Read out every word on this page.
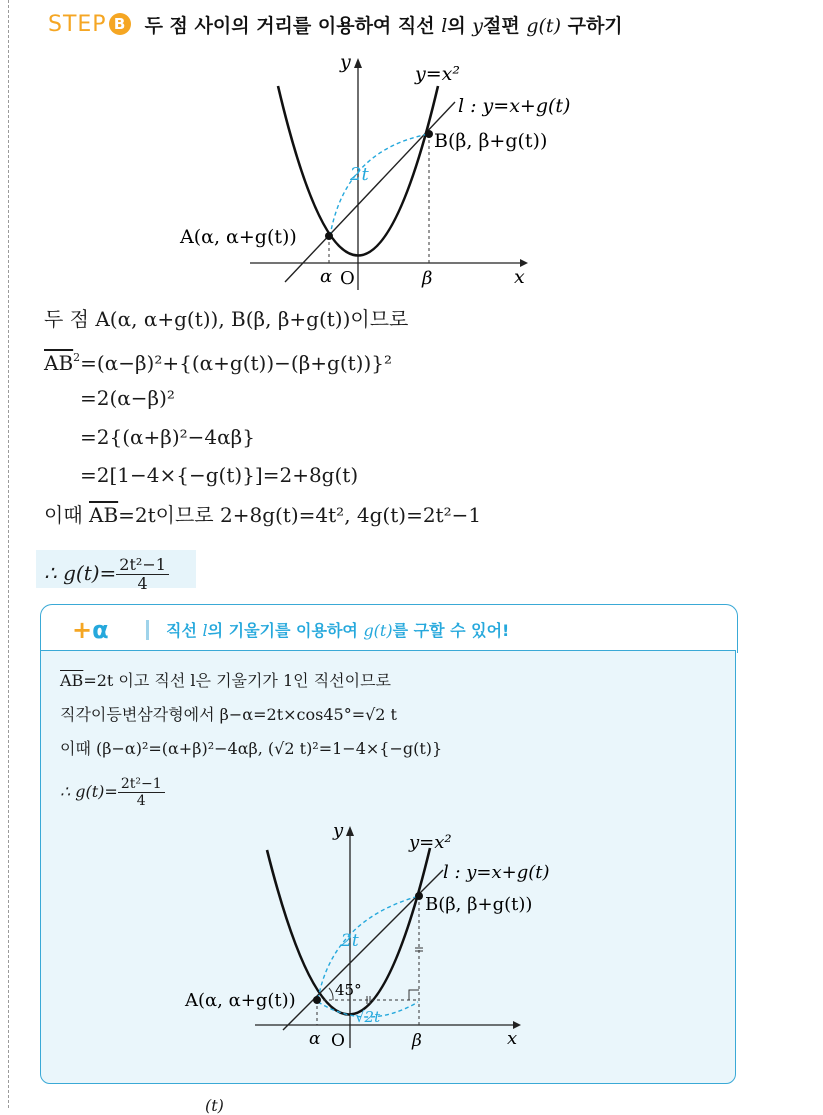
STEP B 두 점 사이의 거리를 이용하여 직선 l의 y절편 g(t) 구하기
y
x
y=x²
l : y=x+g(t)
B(β, β+g(t))
A(α, α+g(t))
2t
α O	β
두 점 A(α, α+g(t)), B(β, β+g(t))이므로
$\overline{AB}^2=(\alpha-\beta)^2+\{(\alpha+g(t))-(\beta+g(t))\}^2$
=2(α−β)²
=2{(α+β)²−4αβ}
=2[1−4×{−g(t)}]=2+8g(t)
이때 $\overline{AB}=2t$이므로 2+8g(t)=4t², 4g(t)=2t²−1
∴ $g(t)= \frac{\text{2t²−1}}{4}$
+α	직선 l의 기울기를 이용하여 g(t)를 구할 수 있어!
$\overline{AB}=2t$ 이고 직선 l은 기울기가 1인 직선이므로
직각이등변삼각형에서 β−α=2t×cos45°=√2 t
이때 (β−α)²=(α+β)²−4αβ, (√2 t)²=1−4×{−g(t)}
∴ $g(t)= \frac{\text{2t²−1}}{4}$
y
x
y=x²
l : y=x+g(t)
B(β, β+g(t))
A(α, α+g(t))
2t
45°
√2t
α O	β
(t)
